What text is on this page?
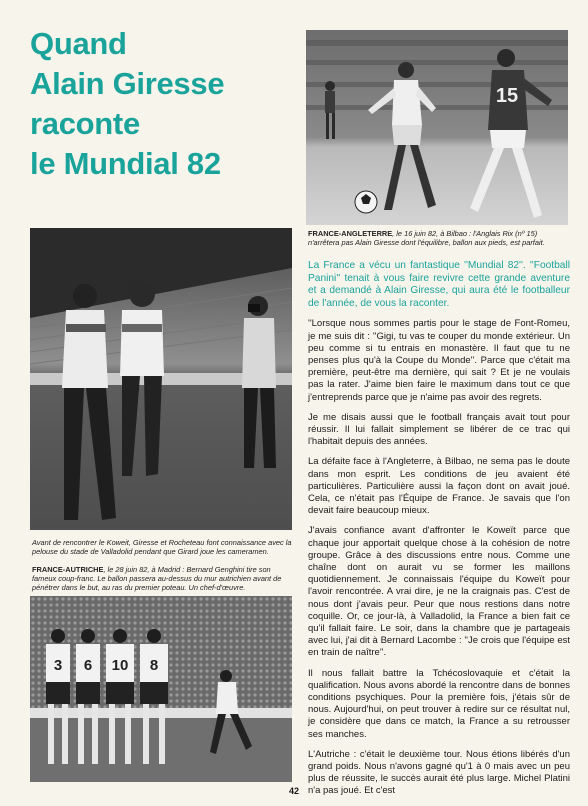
Quand
Alain Giresse
raconte
le Mundial 82
15
FRANCE-ANGLETERRE, le 16 juin 82, à Bilbao : l'Anglais Rix (nº 15) n'arrêtera pas Alain Giresse dont l'équilibre, ballon aux pieds, est parfait.
Avant de rencontrer le Koweit, Giresse et Rocheteau font connaissance avec la pelouse du stade de Valladolid pendant que Girard joue les cameramen.
FRANCE-AUTRICHE, le 28 juin 82, à Madrid : Bernard Genghini tire son fameux coup-franc. Le ballon passera au-dessus du mur autrichien avant de pénétrer dans le but, au ras du premier poteau. Un chef-d'œuvre.
3 6 10 8

La France a vécu un fantastique ''Mundial 82''. ''Football Panini'' tenait à vous faire revivre cette grande aventure et a demandé à Alain Giresse, qui aura été le footballeur de l'année, de vous la raconter.

''Lorsque nous sommes partis pour le stage de Font-Romeu, je me suis dit : ''Gigi, tu vas te couper du monde extérieur. Un peu comme si tu entrais en monastère. Il faut que tu ne penses plus qu'à la Coupe du Monde''. Parce que c'était ma première, peut-être ma dernière, qui sait ? Et je ne voulais pas la rater. J'aime bien faire le maximum dans tout ce que j'entreprends parce que je n'aime pas avoir des regrets.

Je me disais aussi que le football français avait tout pour réussir. Il lui fallait simplement se libérer de ce trac qui l'habitait depuis des années.

La défaite face à l'Angleterre, à Bilbao, ne sema pas le doute dans mon esprit. Les conditions de jeu avaient été particulières. Particulière aussi la façon dont on avait joué. Cela, ce n'était pas l'Équipe de France. Je savais que l'on devait faire beaucoup mieux.

J'avais confiance avant d'affronter le Koweït parce que chaque jour apportait quelque chose à la cohésion de notre groupe. Grâce à des discussions entre nous. Comme une chaîne dont on aurait vu se former les maillons quotidiennement. Je connaissais l'équipe du Koweït pour l'avoir rencontrée. A vrai dire, je ne la craignais pas. C'est de nous dont j'avais peur. Peur que nous restions dans notre coquille. Or, ce jour-là, à Valladolid, la France a bien fait ce qu'il fallait faire. Le soir, dans la chambre que je partageais avec lui, j'ai dit à Bernard Lacombe : ''Je crois que l'équipe est en train de naître''.

Il nous fallait battre la Tchécoslovaquie et c'était la qualification. Nous avons abordé la rencontre dans de bonnes conditions psychiques. Pour la première fois, j'étais sûr de nous. Aujourd'hui, on peut trouver à redire sur ce résultat nul, je considère que dans ce match, la France a su retrousser ses manches.

L'Autriche : c'était le deuxième tour. Nous étions libérés d'un grand poids. Nous n'avons gagné qu'1 à 0 mais avec un peu plus de réussite, le succès aurait été plus large. Michel Platini n'a pas joué. Et c'est

42
